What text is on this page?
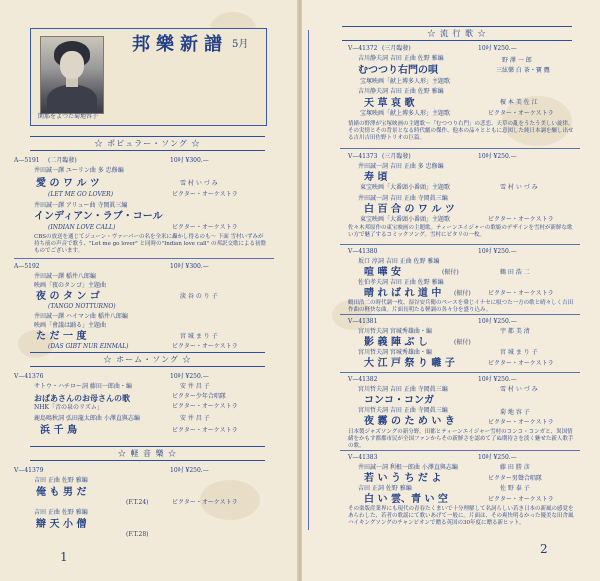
邦樂新譜 5月
閑那をよつた菊地容子
☆ ポピュラー・ソング ☆
A—5191 (二月臨發)	10吋 ¥300.—
井田誠一譯 ユーリン曲 多 忠修編
愛 の ワ ル ツ	雪 村 い づ み
(LET ME GO LOVER)	ビクター・オーケストラ
井田誠一譯 アリュー曲 寺岡眞三編
インディアン・ラブ・コール
(INDIAN LOVE CALL)	ビクター・オーケストラ
CBSの放送を通じてジューン・ヴァーパーの名を全米に轟かし得るのも〜 下面 雪村いずみが持ち前の声音で歌う、"Let me go lover" と同時の"Indian love call" の邦訳交歌による初盤ものでございます。
A—5192	10吋 ¥300.—
井田誠一譯 稲井八郎編
映画「夜のタンゴ」主題曲
夜 の タ ン ゴ	淡 谷 の り 子
(TANGO NOTTURNO)
井田誠一譯 ハイマン曲 稲井八郎編
映画「會議は踊る」主題曲
た だ 一 度	宮 城 ま り 子
(DAS GIBT NUR EINMAL)	ビクター・オーケストラ
☆ ホーム・ソング ☆
V—41376	10吋 ¥250.—
サトウ・ハチロー詞 藤田一郎曲・編	安 井 昌 子
おばあさんのお母さんの歌	ビクター少年合唱隊
NHK「音の泉のリズム」	ビクター・オーケストラ
鹿島鳴秋詞 弘田龍太郎曲 小澤直與志編	安 井 昌 子
浜 千 鳥	ビクター・オーケストラ
☆ 軽 音 樂 ☆
V—41379	10吋 ¥250.—
吉田 正曲 佐野 雅編
俺 も 男 だ
(F.T.24)	ビクター・オーケストラ
吉田 正曲 佐野 雅編
辯 天 小 僧
(F.T.28)
1
☆ 流 行 歌 ☆
V—41372 (三月臨發)	10吋 ¥250.—
吉川静夫詞 吉田 正曲 佐野 雅編	野 澤 一 郎
むつつり右門の唄	三絃樂 白 茶・寶 鷹
宝塚映画「献上博多人形」主題歌
吉川静夫詞 吉田 正曲 佐野 雅編
天 草 哀 歌	榎 本 美 佐 江
宝塚映画「献上博多人形」主題歌	ビクター・オーケストラ
情緒の野澤が宝塚映画の主題歌〜「むつつり右門」の悲恋、天草の亂をうたう美しい旋律。その実情とその背景となる時代劇の傑作、他本の品々とともに意図した純日本調を醸し出せる吉川吉田佐野トリオの巨篇。
V—41373 (三月臨發)	10吋 ¥250.—
井田誠一詞 吉田 正曲 多 忠修編
寿 頃
東宝映画「大番頭小番頭」主題歌	雪 村 い づ み
井田誠一詞 吉田 正曲 寺岡眞三編
白 百 合 の ワ ル ツ
東宝映画「大番頭小番頭」主題歌	ビクター・オーケストラ
佐々木邦原作の東宝映画の主題歌。ティーンエイジャーの歌姫のデザインを雪村が新鮮な歌い方で魅了するコミックソング。雪村にピタリの一枚。
V—41380	10吋 ¥250.—
坂口 淳詞 吉田 正曲 佐野 雅編
喧 嘩 安	(振付)	鶴 田 浩 二
佐伯孝夫詞 吉田 正曲 佐野 雅編
晴 れ ば れ 道 中 (振付)	ビクター・オーケストラ
鶴田浩二の時代調一枚、湿谷安兵衛のペースを乗じイナセに唄つた一方の歌と晴々しく吉田作曲の軽快な曲。片面長明たる軽調の各々分を盛り込み。
V—41381	10吋 ¥250.—
宮川哲夫詞 宮城秀雄曲・編	宇 都 美 清
影 義 陣 ぶ し	(振付)
宮川哲夫詞 宮城秀雄曲・編	宮 城 ま り 子
大 江 戸 祭 り 囃 子	ビクター・オーケストラ
V—41382	10吋 ¥250.—
宮川哲夫詞 吉田 正曲 寺岡眞三編	雪 村 い づ み
コンコ・コンガ
宮川哲夫詞 吉田 正曲 寺岡眞三編	菊 地 容 子
夜 霧 の た め い き	ビクター・オーケストラ
日本製ジャズソングの新分野。田都とティーンエイジャー雪村のコンコ・コンガと、異国情緒をかもす都都市民が全国ファンからその新鮮さを認めて了ぬ期待さを淡く魅せた新人歌手の歌。
V—41383	10吋 ¥250.—
井田誠一詞 利根一郎曲 小澤直與志編	藤 田 勝 彦
若 い う ち だ よ	ビクター男聲合唱隊
吉田 正詞 佐野 雅編	佐 野 泰 子
白 い 雲、青 い 空	ビクター・オーケストラ
その楽版産業界にも現代の青春たくまいで十分理解して名詞らしい若き日本の新風の感覚をあらわした、若者の歌謡にて歌いあげて一般に。片面は、その爽快明るかった優美な田舎風ハイキングソングのチャンピオンで贈る英国の30年度に贈る新ヒット。
2
